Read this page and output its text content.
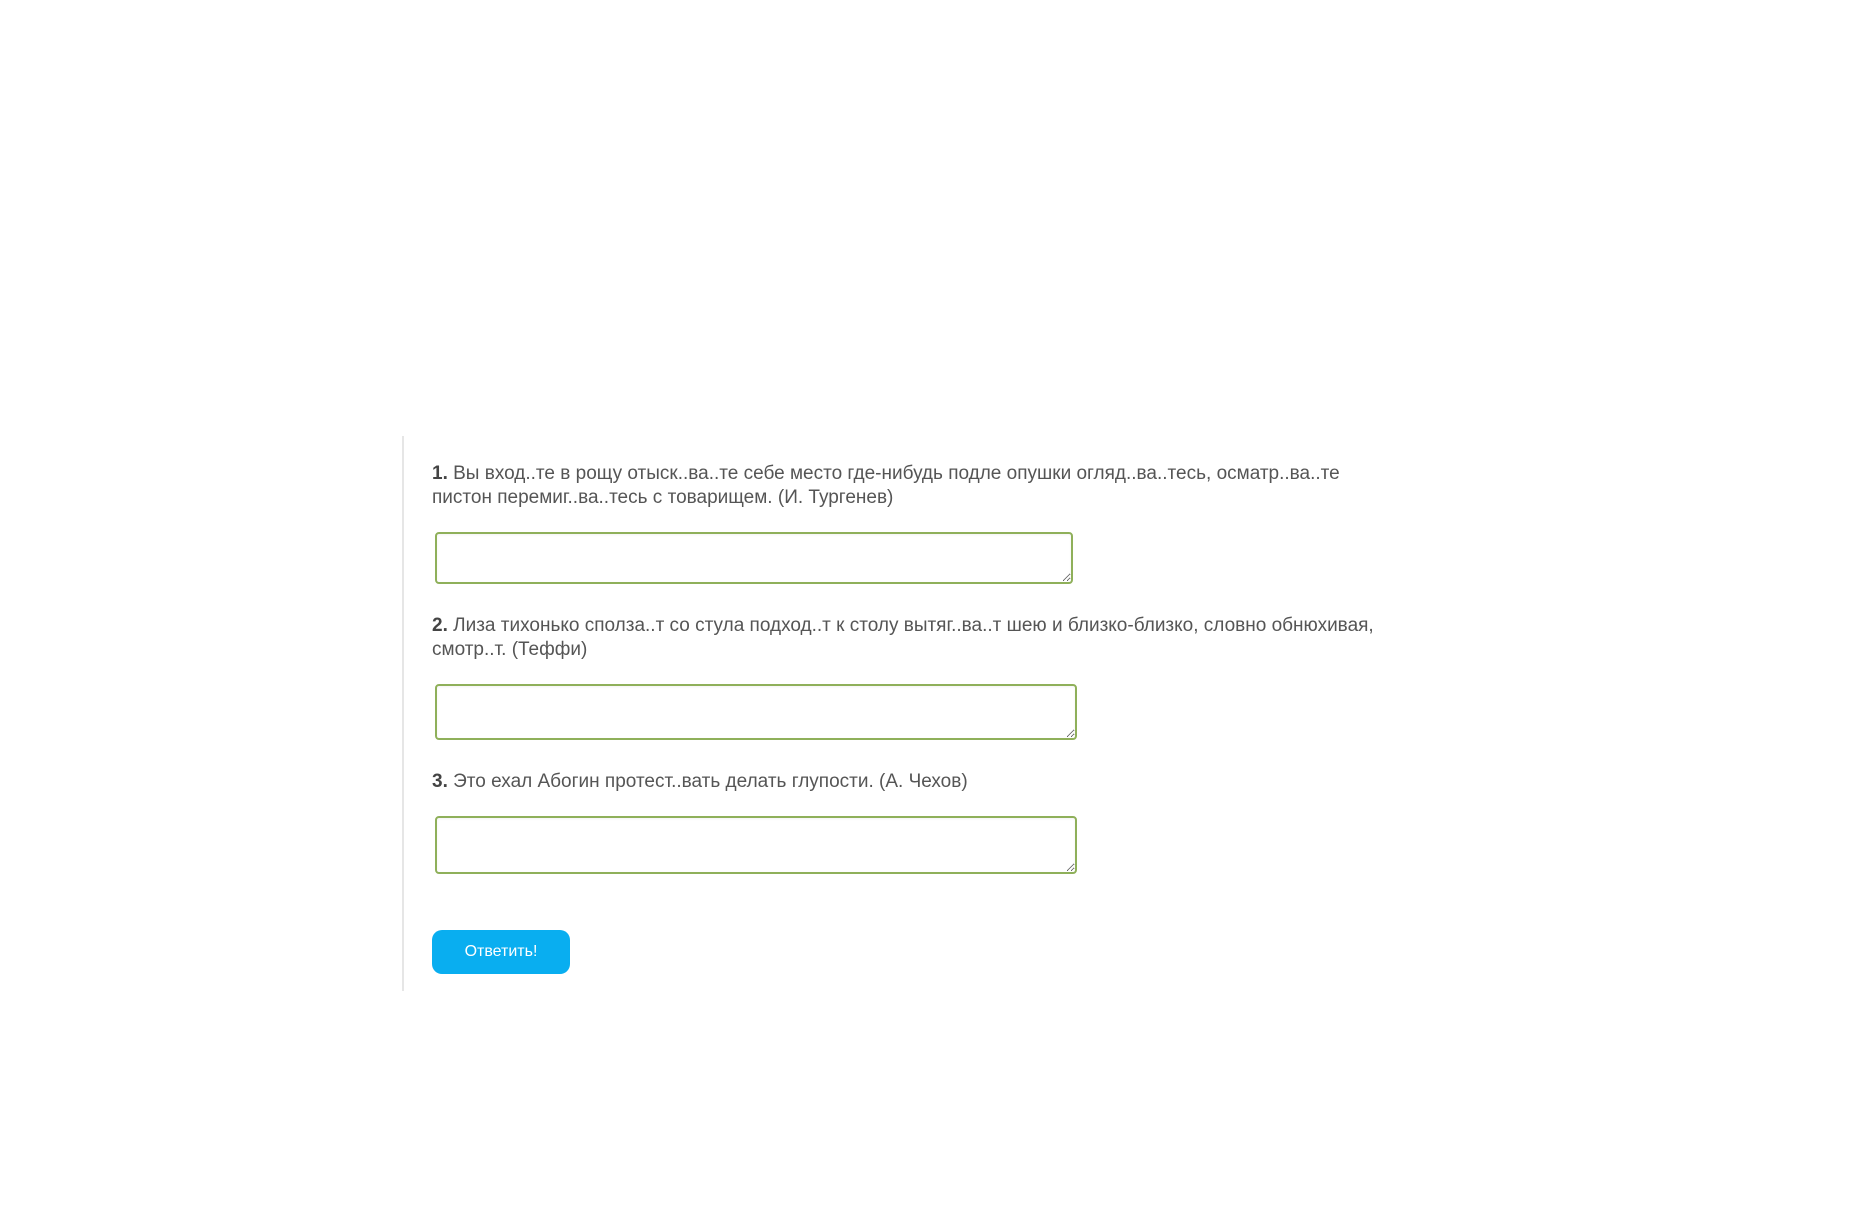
1. Вы вход..те в рощу отыск..ва..те себе место где-нибудь подле опушки огляд..ва..тесь, осматр..ва..те пистон перемиг..ва..тесь с товарищем. (И. Тургенев)
2. Лиза тихонько сполза..т со стула подход..т к столу вытяг..ва..т шею и близко-близко, словно обнюхивая, смотр..т. (Теффи)
3. Это ехал Абогин протест..вать делать глупости. (А. Чехов)
Ответить!
